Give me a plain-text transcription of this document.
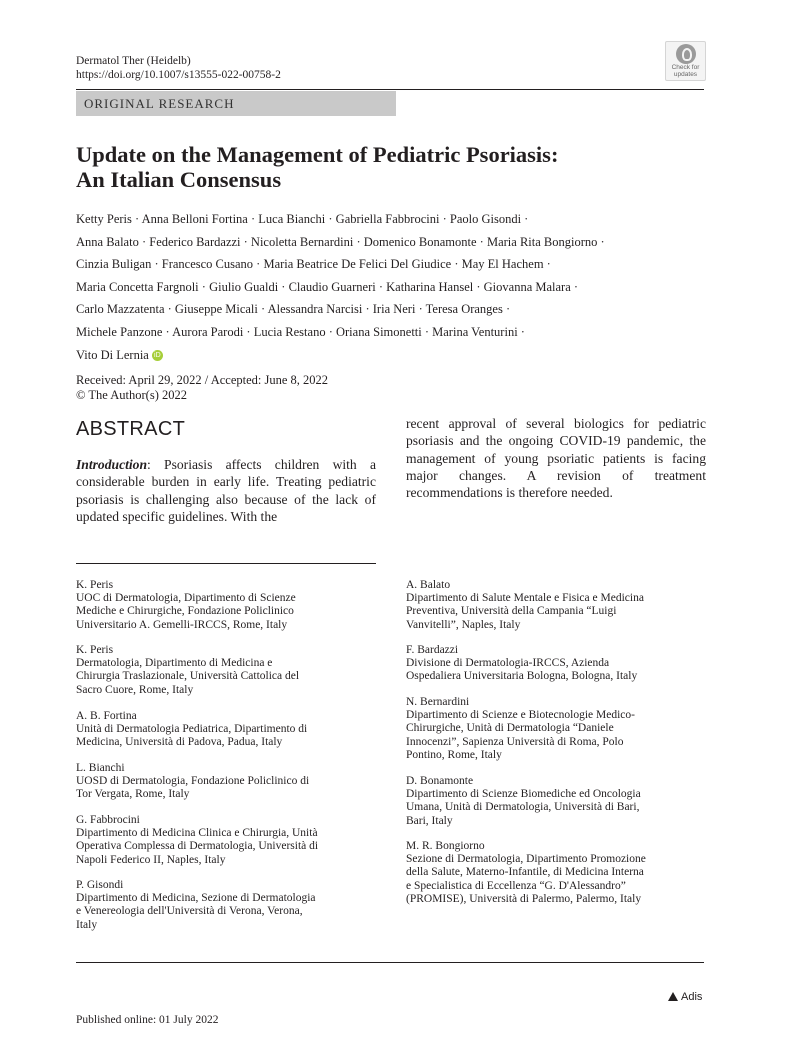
Dermatol Ther (Heidelb)
https://doi.org/10.1007/s13555-022-00758-2
Check for
updates
ORIGINAL RESEARCH
Update on the Management of Pediatric Psoriasis:
An Italian Consensus
Ketty Peris · Anna Belloni Fortina · Luca Bianchi · Gabriella Fabbrocini · Paolo Gisondi ·
Anna Balato · Federico Bardazzi · Nicoletta Bernardini · Domenico Bonamonte · Maria Rita Bongiorno ·
Cinzia Buligan · Francesco Cusano · Maria Beatrice De Felici Del Giudice · May El Hachem ·
Maria Concetta Fargnoli · Giulio Gualdi · Claudio Guarneri · Katharina Hansel · Giovanna Malara ·
Carlo Mazzatenta · Giuseppe Micali · Alessandra Narcisi · Iria Neri · Teresa Oranges ·
Michele Panzone · Aurora Parodi · Lucia Restano · Oriana Simonetti · Marina Venturini ·
Vito Di Lernia iD
Received: April 29, 2022 / Accepted: June 8, 2022
© The Author(s) 2022
ABSTRACT
Introduction: Psoriasis affects children with a considerable burden in early life. Treating pediatric psoriasis is challenging also because of the lack of updated specific guidelines. With the
recent approval of several biologics for pediatric psoriasis and the ongoing COVID-19 pandemic, the management of young psoriatic patients is facing major changes. A revision of treatment recommendations is therefore needed.
K. Peris
UOC di Dermatologia, Dipartimento di Scienze
Mediche e Chirurgiche, Fondazione Policlinico
Universitario A. Gemelli-IRCCS, Rome, Italy
K. Peris
Dermatologia, Dipartimento di Medicina e
Chirurgia Traslazionale, Università Cattolica del
Sacro Cuore, Rome, Italy
A. B. Fortina
Unità di Dermatologia Pediatrica, Dipartimento di
Medicina, Università di Padova, Padua, Italy
L. Bianchi
UOSD di Dermatologia, Fondazione Policlinico di
Tor Vergata, Rome, Italy
G. Fabbrocini
Dipartimento di Medicina Clinica e Chirurgia, Unità
Operativa Complessa di Dermatologia, Università di
Napoli Federico II, Naples, Italy
P. Gisondi
Dipartimento di Medicina, Sezione di Dermatologia
e Venereologia dell'Università di Verona, Verona,
Italy
A. Balato
Dipartimento di Salute Mentale e Fisica e Medicina
Preventiva, Università della Campania “Luigi
Vanvitelli”, Naples, Italy
F. Bardazzi
Divisione di Dermatologia-IRCCS, Azienda
Ospedaliera Universitaria Bologna, Bologna, Italy
N. Bernardini
Dipartimento di Scienze e Biotecnologie Medico-
Chirurgiche, Unità di Dermatologia “Daniele
Innocenzi”, Sapienza Università di Roma, Polo
Pontino, Rome, Italy
D. Bonamonte
Dipartimento di Scienze Biomediche ed Oncologia
Umana, Unità di Dermatologia, Università di Bari,
Bari, Italy
M. R. Bongiorno
Sezione di Dermatologia, Dipartimento Promozione
della Salute, Materno-Infantile, di Medicina Interna
e Specialistica di Eccellenza “G. D'Alessandro”
(PROMISE), Università di Palermo, Palermo, Italy
Adis
Published online: 01 July 2022
